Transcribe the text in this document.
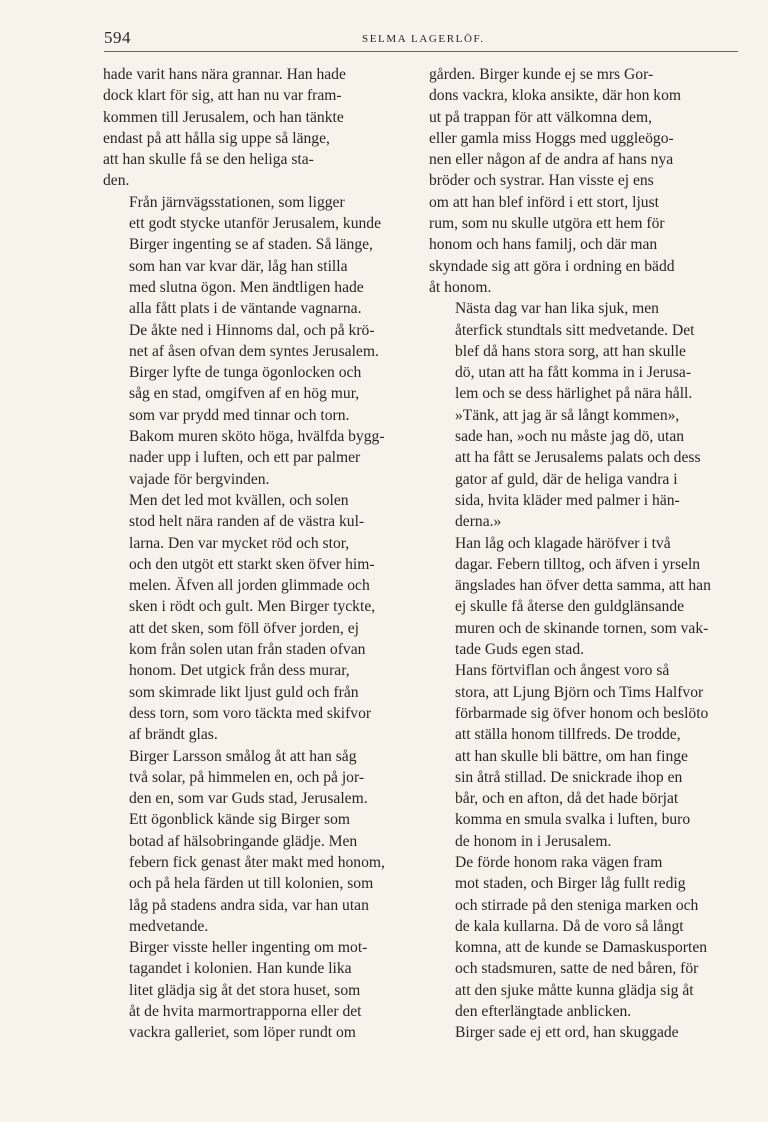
594	SELMA LAGERLÖF.

hade varit hans nära grannar. Han hade
dock klart för sig, att han nu var fram-
kommen till Jerusalem, och han tänkte
endast på att hålla sig uppe så länge,
att han skulle få se den heliga sta-
den.

Från järnvägsstationen, som ligger
ett godt stycke utanför Jerusalem, kunde
Birger ingenting se af staden. Så länge,
som han var kvar där, låg han stilla
med slutna ögon. Men ändtligen hade
alla fått plats i de väntande vagnarna.
De åkte ned i Hinnoms dal, och på krö-
net af åsen ofvan dem syntes Jerusalem.

Birger lyfte de tunga ögonlocken och
såg en stad, omgifven af en hög mur,
som var prydd med tinnar och torn.
Bakom muren sköto höga, hvälfda bygg-
nader upp i luften, och ett par palmer
vajade för bergvinden.

Men det led mot kvällen, och solen
stod helt nära randen af de västra kul-
larna. Den var mycket röd och stor,
och den utgöt ett starkt sken öfver him-
melen. Äfven all jorden glimmade och
sken i rödt och gult. Men Birger tyckte,
att det sken, som föll öfver jorden, ej
kom från solen utan från staden ofvan
honom. Det utgick från dess murar,
som skimrade likt ljust guld och från
dess torn, som voro täckta med skifvor
af brändt glas.

Birger Larsson smålog åt att han såg
två solar, på himmelen en, och på jor-
den en, som var Guds stad, Jerusalem.

Ett ögonblick kände sig Birger som
botad af hälsobringande glädje. Men
febern fick genast åter makt med honom,
och på hela färden ut till kolonien, som
låg på stadens andra sida, var han utan
medvetande.

Birger visste heller ingenting om mot-
tagandet i kolonien. Han kunde lika
litet glädja sig åt det stora huset, som
åt de hvita marmortrapporna eller det
vackra galleriet, som löper rundt om

gården. Birger kunde ej se mrs Gor-
dons vackra, kloka ansikte, där hon kom
ut på trappan för att välkomna dem,
eller gamla miss Hoggs med uggleögo-
nen eller någon af de andra af hans nya
bröder och systrar. Han visste ej ens
om att han blef införd i ett stort, ljust
rum, som nu skulle utgöra ett hem för
honom och hans familj, och där man
skyndade sig att göra i ordning en bädd
åt honom.

Nästa dag var han lika sjuk, men
återfick stundtals sitt medvetande. Det
blef då hans stora sorg, att han skulle
dö, utan att ha fått komma in i Jerusa-
lem och se dess härlighet på nära håll.

»Tänk, att jag är så långt kommen»,
sade han, »och nu måste jag dö, utan
att ha fått se Jerusalems palats och dess
gator af guld, där de heliga vandra i
sida, hvita kläder med palmer i hän-
derna.»

Han låg och klagade häröfver i två
dagar. Febern tilltog, och äfven i yrseln
ängslades han öfver detta samma, att han
ej skulle få återse den guldglänsande
muren och de skinande tornen, som vak-
tade Guds egen stad.

Hans förtviflan och ångest voro så
stora, att Ljung Björn och Tims Halfvor
förbarmade sig öfver honom och beslöto
att ställa honom tillfreds. De trodde,
att han skulle bli bättre, om han finge
sin åtrå stillad. De snickrade ihop en
bår, och en afton, då det hade börjat
komma en smula svalka i luften, buro
de honom in i Jerusalem.

De förde honom raka vägen fram
mot staden, och Birger låg fullt redig
och stirrade på den steniga marken och
de kala kullarna. Då de voro så långt
komna, att de kunde se Damaskusporten
och stadsmuren, satte de ned båren, för
att den sjuke måtte kunna glädja sig åt
den efterlängtade anblicken.

Birger sade ej ett ord, han skuggade
